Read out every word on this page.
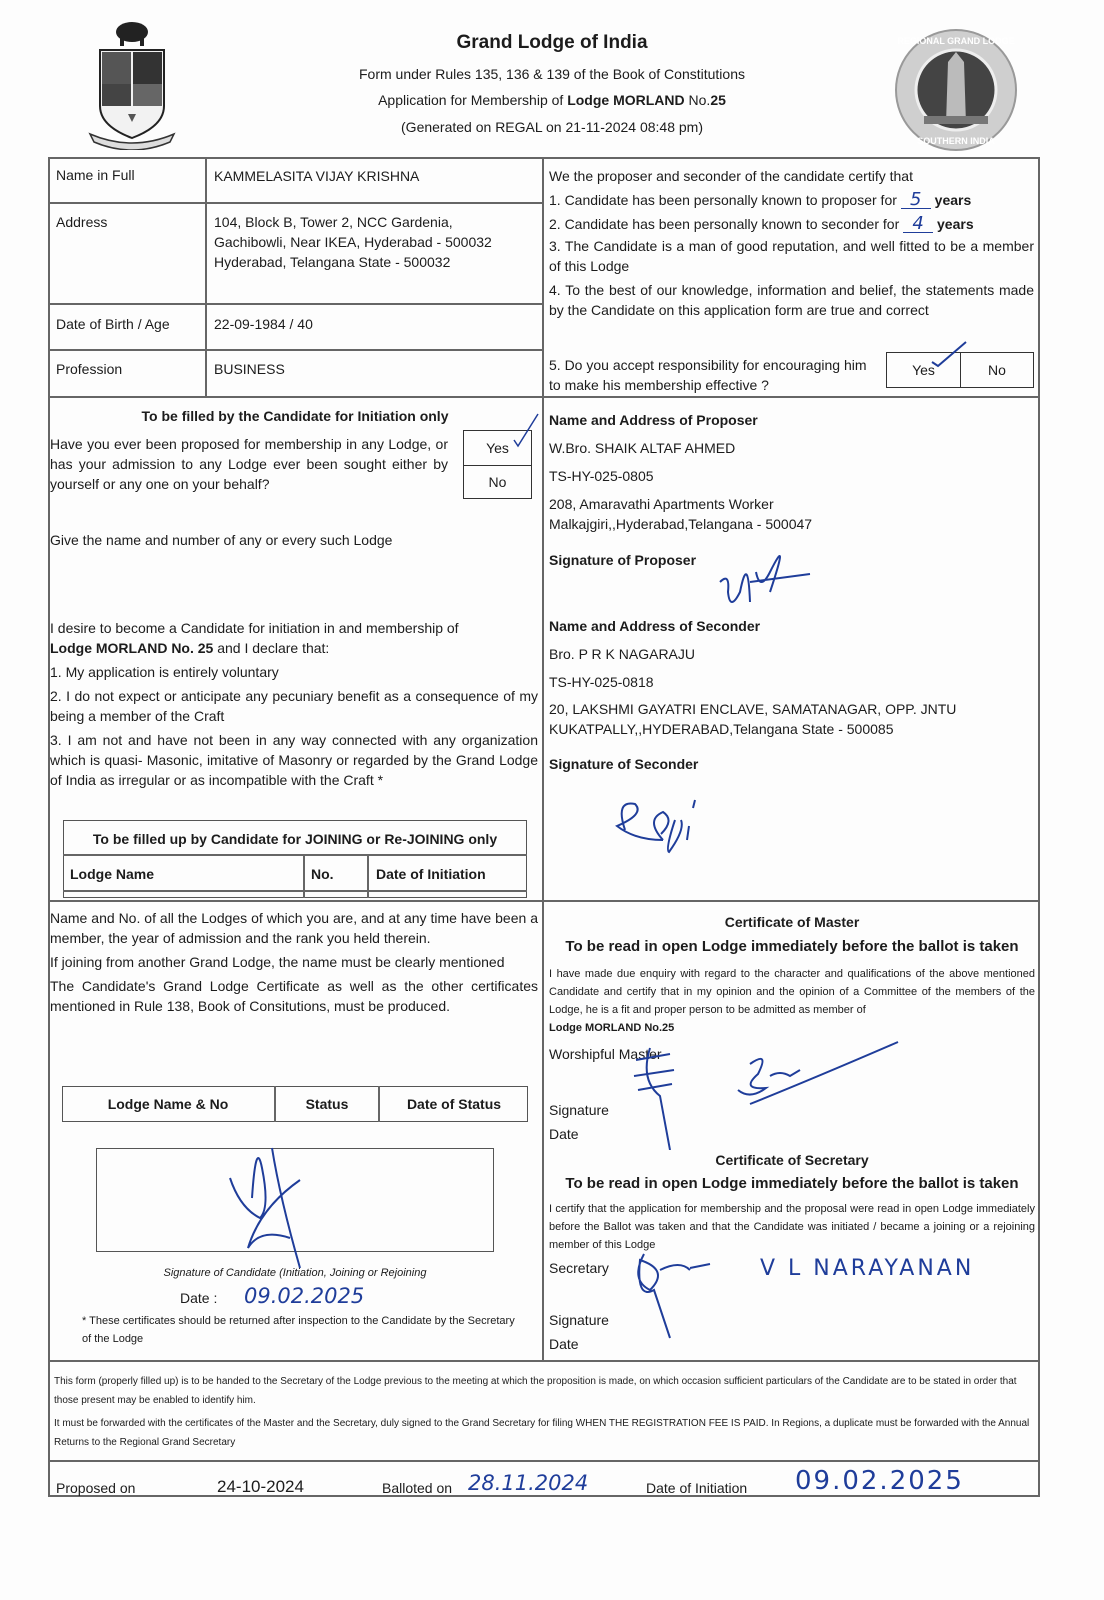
Grand Lodge of India
Form under Rules 135, 136 & 139 of the Book of Constitutions
Application for Membership of Lodge MORLAND No.25
(Generated on REGAL on 21-11-2024 08:48 pm)
REGIONAL GRAND LODGE
SOUTHERN INDIA
Name in Full	KAMMELASITA VIJAY KRISHNA
Address	104, Block B, Tower 2, NCC Gardenia,
Gachibowli, Near IKEA, Hyderabad - 500032
Hyderabad, Telangana State - 500032
Date of Birth / Age	22-09-1984 / 40
Profession	BUSINESS
We the proposer and seconder of the candidate certify that
1. Candidate has been personally known to proposer for 5 years
2. Candidate has been personally known to seconder for 4 years
3. The Candidate is a man of good reputation, and well fitted to be a member of this Lodge
4. To the best of our knowledge, information and belief, the statements made by the Candidate on this application form are true and correct
5. Do you accept responsibility for encouraging him to make his membership effective ?
Yes	No
To be filled by the Candidate for Initiation only
Have you ever been proposed for membership in any Lodge, or has your admission to any Lodge ever been sought either by yourself or any one on your behalf?
Yes
No
Give the name and number of any or every such Lodge
I desire to become a Candidate for initiation in and membership of
Lodge MORLAND No. 25 and I declare that:
1. My application is entirely voluntary
2. I do not expect or anticipate any pecuniary benefit as a consequence of my being a member of the Craft
3. I am not and have not been in any way connected with any organization which is quasi- Masonic, imitative of Masonry or regarded by the Grand Lodge of India as irregular or as incompatible with the Craft *
To be filled up by Candidate for JOINING or Re-JOINING only
Lodge Name	No.	Date of Initiation
Name and Address of Proposer
W.Bro. SHAIK ALTAF AHMED
TS-HY-025-0805
208, Amaravathi Apartments Worker
Malkajgiri,,Hyderabad,Telangana - 500047
Signature of Proposer
Name and Address of Seconder
Bro. P R K NAGARAJU
TS-HY-025-0818
20, LAKSHMI GAYATRI ENCLAVE, SAMATANAGAR, OPP. JNTU
KUKATPALLY,,HYDERABAD,Telangana State - 500085
Signature of Seconder
Name and No. of all the Lodges of which you are, and at any time have been a member, the year of admission and the rank you held therein.
If joining from another Grand Lodge, the name must be clearly mentioned
The Candidate's Grand Lodge Certificate as well as the other certificates mentioned in Rule 138, Book of Consitutions, must be produced.
Lodge Name & No	Status	Date of Status
Signature of Candidate (Initiation, Joining or Rejoining
Date : 09.02.2025
* These certificates should be returned after inspection to the Candidate by the Secretary of the Lodge
Certificate of Master
To be read in open Lodge immediately before the ballot is taken
I have made due enquiry with regard to the character and qualifications of the above mentioned Candidate and certify that in my opinion and the opinion of a Committee of the members of the Lodge, he is a fit and proper person to be admitted as member of
Lodge MORLAND No.25
Worshipful Master
Signature
Date
Certificate of Secretary
To be read in open Lodge immediately before the ballot is taken
I certify that the application for membership and the proposal were read in open Lodge immediately before the Ballot was taken and that the Candidate was initiated / became a joining or a rejoining member of this Lodge
Secretary	V L NARAYANAN
Signature
Date
This form (properly filled up) is to be handed to the Secretary of the Lodge previous to the meeting at which the proposition is made, on which occasion sufficient particulars of the Candidate are to be stated in order that those present may be enabled to identify him.
It must be forwarded with the certificates of the Master and the Secretary, duly signed to the Grand Secretary for filing WHEN THE REGISTRATION FEE IS PAID. In Regions, a duplicate must be forwarded with the Annual Returns to the Regional Grand Secretary
Proposed on	24-10-2024	Balloted on 28.11.2024	Date of Initiation 09.02.2025
